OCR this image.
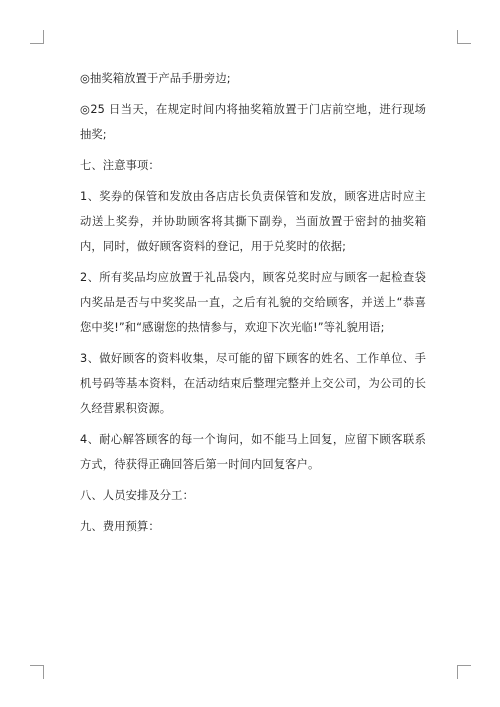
◎抽奖箱放置于产品手册旁边;

◎25 日当天，在规定时间内将抽奖箱放置于门店前空地，进行现场抽奖;

七、注意事项：

1、奖券的保管和发放由各店店长负责保管和发放，顾客进店时应主动送上奖券，并协助顾客将其撕下副券，当面放置于密封的抽奖箱内，同时，做好顾客资料的登记，用于兑奖时的依据;

2、所有奖品均应放置于礼品袋内，顾客兑奖时应与顾客一起检查袋内奖品是否与中奖奖品一直，之后有礼貌的交给顾客，并送上“恭喜您中奖!”和“感谢您的热情参与，欢迎下次光临!”等礼貌用语;

3、做好顾客的资料收集，尽可能的留下顾客的姓名、工作单位、手机号码等基本资料，在活动结束后整理完整并上交公司，为公司的长久经营累积资源。

4、耐心解答顾客的每一个询问，如不能马上回复，应留下顾客联系方式，待获得正确回答后第一时间内回复客户。

八、人员安排及分工：

九、费用预算：
